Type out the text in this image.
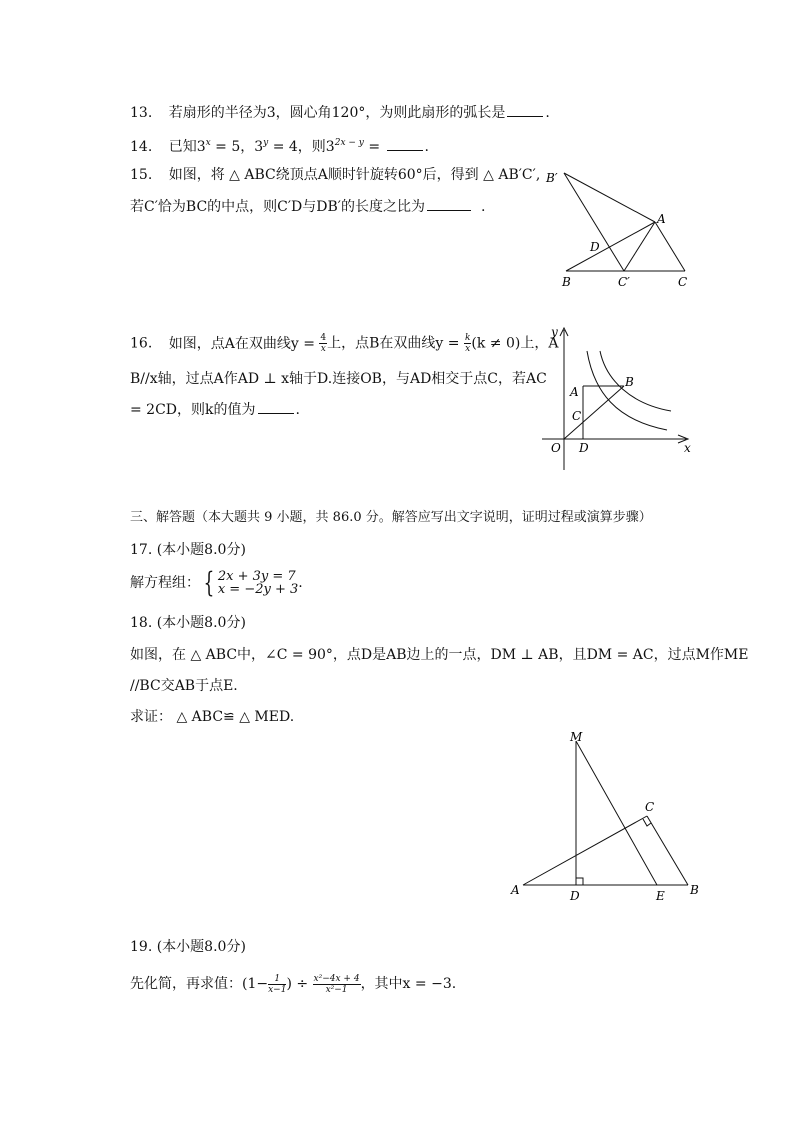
13. 若扇形的半径为3，圆心角120°，为则此扇形的弧长是	.
14. 已知$3^x = 5$，$3^y = 4$，则$3^{2x - y}$ =	.
15. 如图，将 △ ABC绕顶点A顺时针旋转60°后，得到 △ AB′C′,
若C′恰为BC的中点，则C′D与DB′的长度之比为	.
B′
A
D
B	C′	C
16. 如图，点A在双曲线$y = \frac{4}{x}$ 上，点B在双曲线$y = \frac{k}{x} (k \ne 0)$上，A
B//x轴，过点A作AD ⊥ x轴于D.连接OB，与AD相交于点C，若AC
= 2CD，则k的值为	.
y
x
O
A
B
C
D
三、解答题（本大题共 9 小题，共 86.0 分。解答应写出文字说明，证明过程或演算步骤）
17. (本小题8.0分)
解方程组： { 2x + 3y = 7
x = −2y + 3 .
18. (本小题8.0分)
如图，在 △ ABC中，∠C = 90°，点D是AB边上的一点，DM ⊥ AB，且DM = AC，过点M作ME
//BC交AB于点E.
求证： △ ABC≌ △ MED.
M
C
A	D	E B
19. (本小题8.0分)
先化简，再求值：($1- \frac{1}{x-1}$ ) ÷ $\frac{\text{x²−4x + 4}}{\text{x²−1}}$ ，其中x = −3.
